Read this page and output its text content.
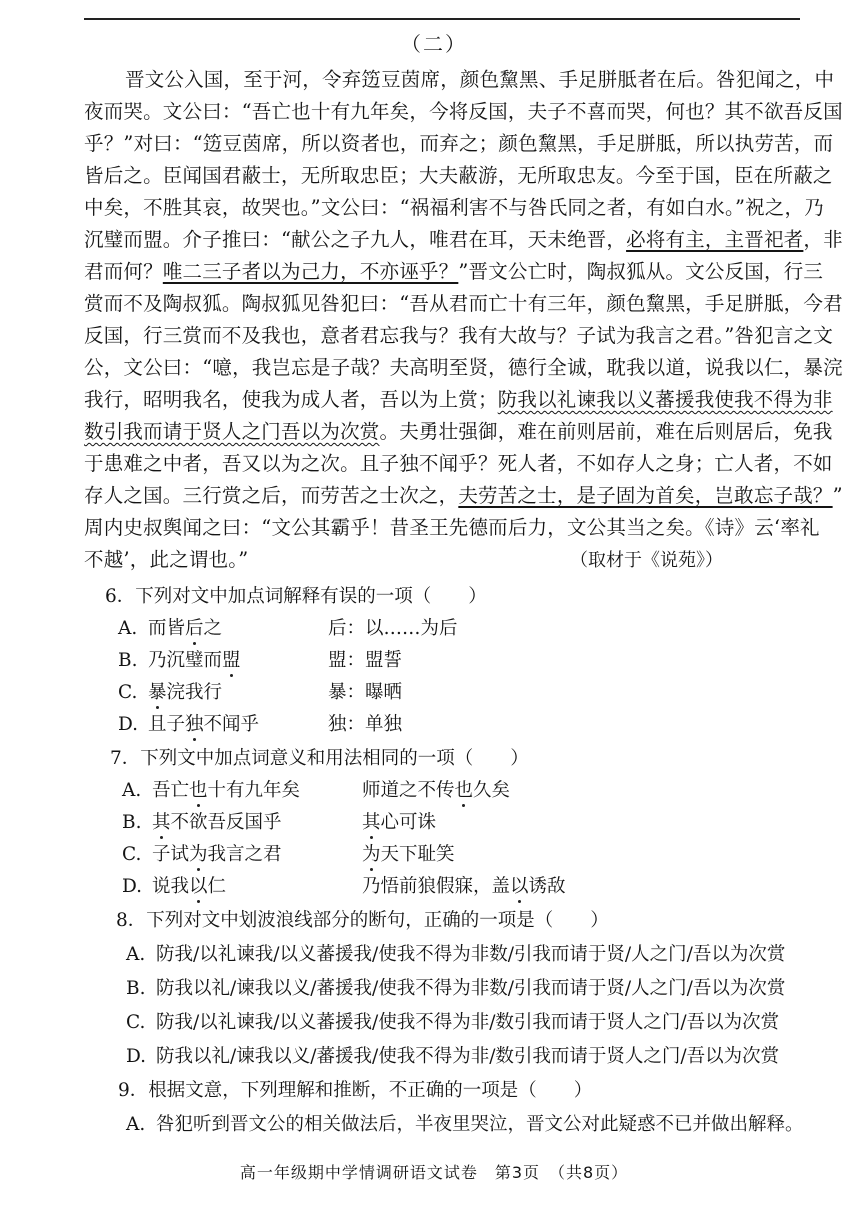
（二）
晋文公入国，至于河，令弃笾豆茵席，颜色黧黑、手足胼胝者在后。咎犯闻之，中
夜而哭。文公曰：“吾亡也十有九年矣，今将反国，夫子不喜而哭，何也？其不欲吾反国
乎？”对曰：“笾豆茵席，所以资者也，而弃之；颜色黧黑，手足胼胝，所以执劳苦，而
皆后之。臣闻国君蔽士，无所取忠臣；大夫蔽游，无所取忠友。今至于国，臣在所蔽之
中矣，不胜其哀，故哭也。”文公曰：“祸福利害不与咎氏同之者，有如白水。”祝之，乃
沉璧而盟。介子推曰：“献公之子九人，唯君在耳，天未绝晋，必将有主，主晋祀者，非
君而何？唯二三子者以为己力，不亦诬乎？”晋文公亡时，陶叔狐从。文公反国，行三
赏而不及陶叔狐。陶叔狐见咎犯曰：“吾从君而亡十有三年，颜色黧黑，手足胼胝，今君
反国，行三赏而不及我也，意者君忘我与？我有大故与？子试为我言之君。”咎犯言之文
公，文公曰：“噫，我岂忘是子哉？夫高明至贤，德行全诚，耽我以道，说我以仁，暴浣
我行，昭明我名，使我为成人者，吾以为上赏；防我以礼谏我以义蕃援我使我不得为非
数引我而请于贤人之门吾以为次赏。夫勇壮强御，难在前则居前，难在后则居后，免我
于患难之中者，吾又以为之次。且子独不闻乎？死人者，不如存人之身；亡人者，不如
存人之国。三行赏之后，而劳苦之士次之，夫劳苦之士，是子固为首矣，岂敢忘子哉？”
周内史叔舆闻之曰：“文公其霸乎！昔圣王先德而后力，文公其当之矣。《诗》云‘率礼
不越’，此之谓也。”	（取材于《说苑》）
6．下列对文中加点词解释有误的一项（　　）
A. 而皆后之	后：以……为后
B. 乃沉璧而盟	盟：盟誓
C. 暴浣我行	暴：曝晒
D. 且子独不闻乎	独：单独
7．下列文中加点词意义和用法相同的一项（　　）
A. 吾亡也十有九年矣	师道之不传也久矣
B. 其不欲吾反国乎	其心可诛
C. 子试为我言之君	为天下耻笑
D. 说我以仁	乃悟前狼假寐，盖以诱敌
8．下列对文中划波浪线部分的断句，正确的一项是（　　）
A. 防我/以礼谏我/以义蕃援我/使我不得为非数/引我而请于贤/人之门/吾以为次赏
B. 防我以礼/谏我以义/蕃援我/使我不得为非数/引我而请于贤/人之门/吾以为次赏
C. 防我/以礼谏我/以义蕃援我/使我不得为非/数引我而请于贤人之门/吾以为次赏
D. 防我以礼/谏我以义/蕃援我/使我不得为非/数引我而请于贤人之门/吾以为次赏
9．根据文意，下列理解和推断，不正确的一项是（　　）
A. 咎犯听到晋文公的相关做法后，半夜里哭泣，晋文公对此疑惑不已并做出解释。
高一年级期中学情调研语文试卷　第3页　（共8页）
